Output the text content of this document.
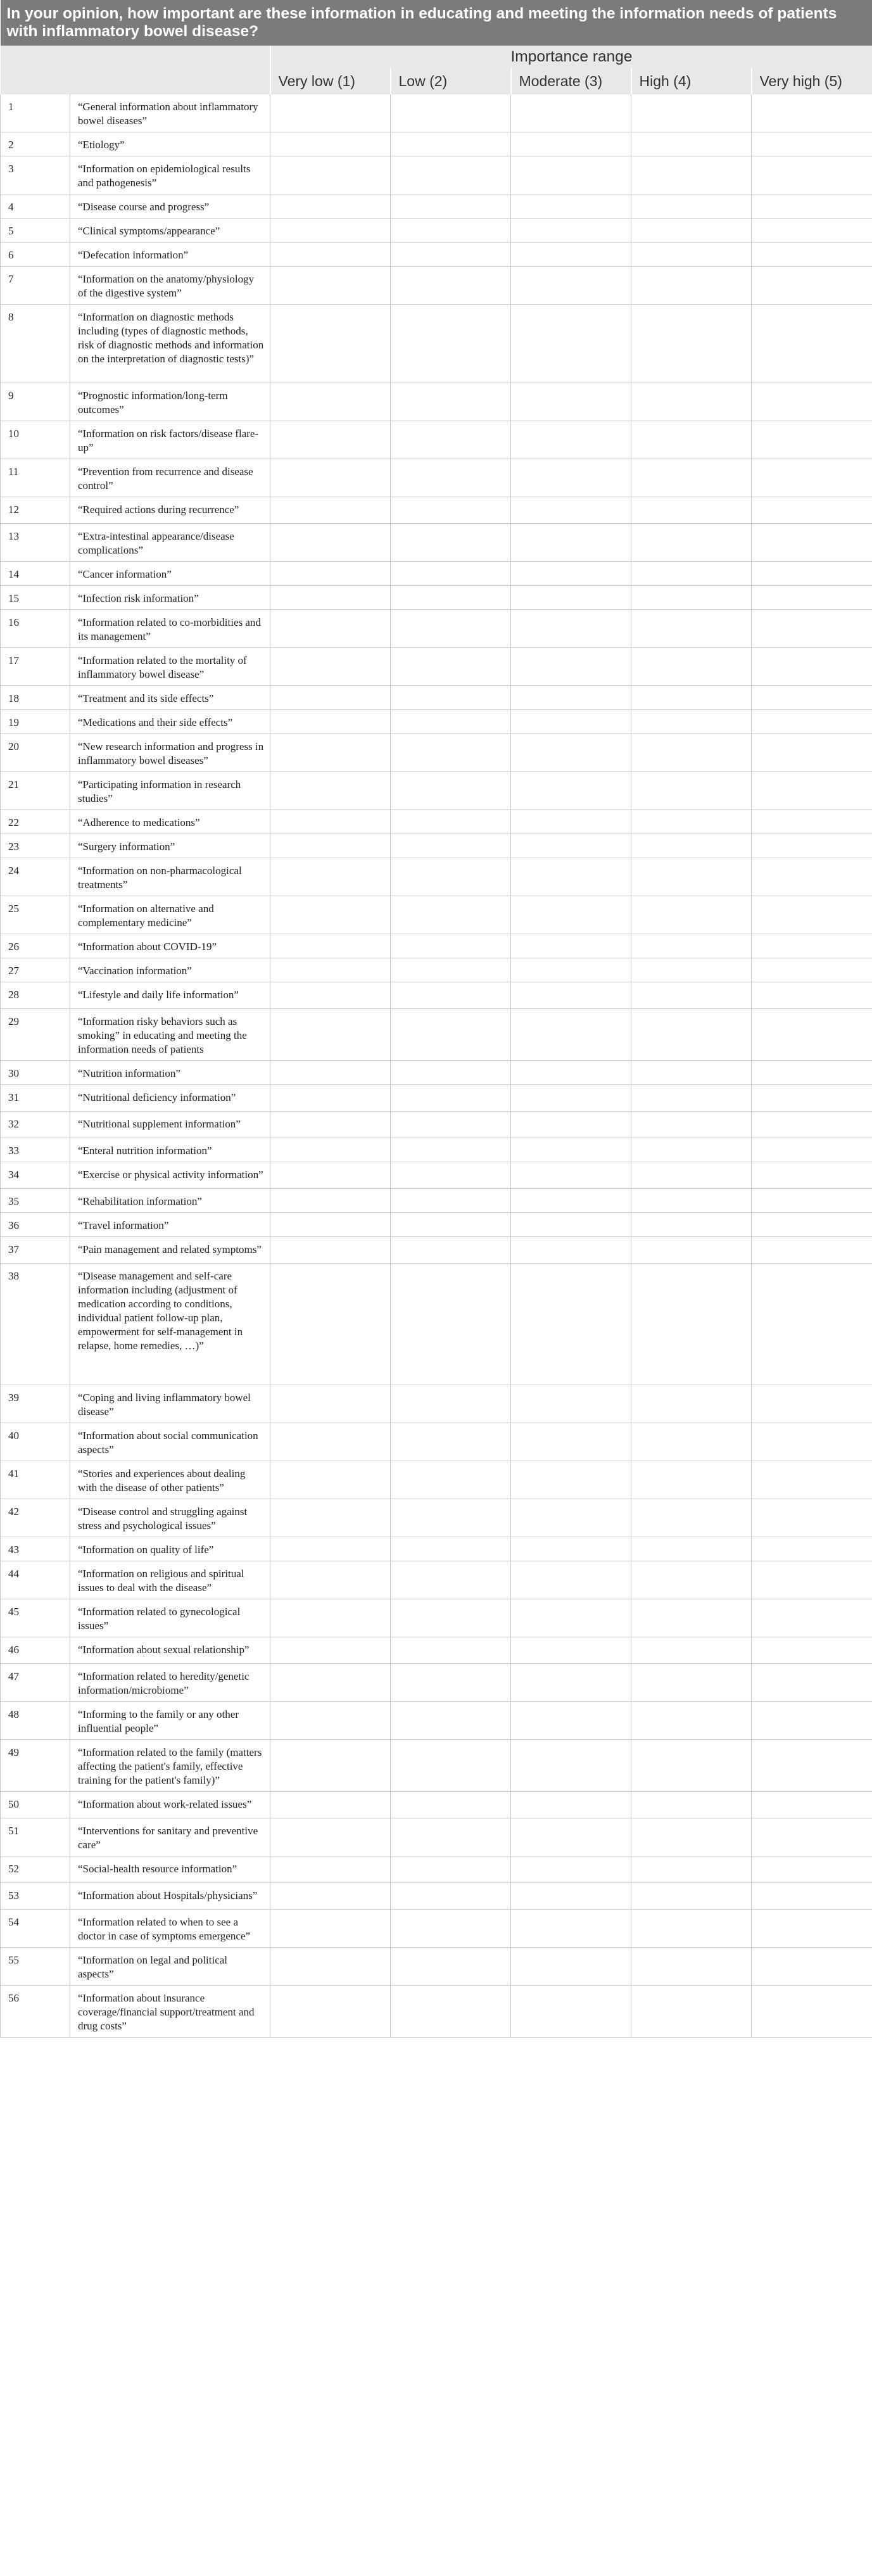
In your opinion, how important are these information in educating and meeting the information needs of patients with inflammatory bowel disease?						
		Importance range				
		Very low (1)	Low (2)	Moderate (3)	High (4)	Very high (5)
1	“General information about inflammatory bowel diseases”					
2	“Etiology”					
3	“Information on epidemiological results and pathogenesis”					
4	“Disease course and progress”					
5	“Clinical symptoms/appearance”					
6	“Defecation information”					
7	“Information on the anatomy/physiology of the digestive system”					
8	“Information on diagnostic methods including (types of diagnostic methods, risk of diagnostic methods and information on the interpretation of diagnostic tests)”					
9	“Prognostic information/long-term outcomes”					
10	“Information on risk factors/disease flare-up”					
11	“Prevention from recurrence and disease control”					
12	“Required actions during recurrence”					
13	“Extra-intestinal appearance/disease complications”					
14	“Cancer information”					
15	“Infection risk information”					
16	“Information related to co-morbidities and its management”					
17	“Information related to the mortality of inflammatory bowel disease”					
18	“Treatment and its side effects”					
19	“Medications and their side effects”					
20	“New research information and progress in inflammatory bowel diseases”					
21	“Participating information in research studies”					
22	“Adherence to medications”					
23	“Surgery information”					
24	“Information on non-pharmacological treatments”					
25	“Information on alternative and complementary medicine”					
26	“Information about COVID-19”					
27	“Vaccination information”					
28	“Lifestyle and daily life information”					
29	“Information risky behaviors such as smoking” in educating and meeting the information needs of patients					
30	“Nutrition information”					
31	“Nutritional deficiency information”					
32	“Nutritional supplement information”					
33	“Enteral nutrition information”					
34	“Exercise or physical activity information”					
35	“Rehabilitation information”					
36	“Travel information”					
37	“Pain management and related symptoms”					
38	“Disease management and self-care information including (adjustment of medication according to conditions, individual patient follow-up plan, empowerment for self-management in relapse, home remedies, …)”					
39	“Coping and living inflammatory bowel disease”					
40	“Information about social communication aspects”					
41	“Stories and experiences about dealing with the disease of other patients”					
42	“Disease control and struggling against stress and psychological issues”					
43	“Information on quality of life”					
44	“Information on religious and spiritual issues to deal with the disease”					
45	“Information related to gynecological issues”					
46	“Information about sexual relationship”					
47	“Information related to heredity/genetic information/microbiome”					
48	“Informing to the family or any other influential people”					
49	“Information related to the family (matters affecting the patient's family, effective training for the patient's family)”					
50	“Information about work-related issues”					
51	“Interventions for sanitary and preventive care”					
52	“Social-health resource information”					
53	“Information about Hospitals/physicians”					
54	“Information related to when to see a doctor in case of symptoms emergence”					
55	“Information on legal and political aspects”					
56	“Information about insurance coverage/financial support/treatment and drug costs”					
